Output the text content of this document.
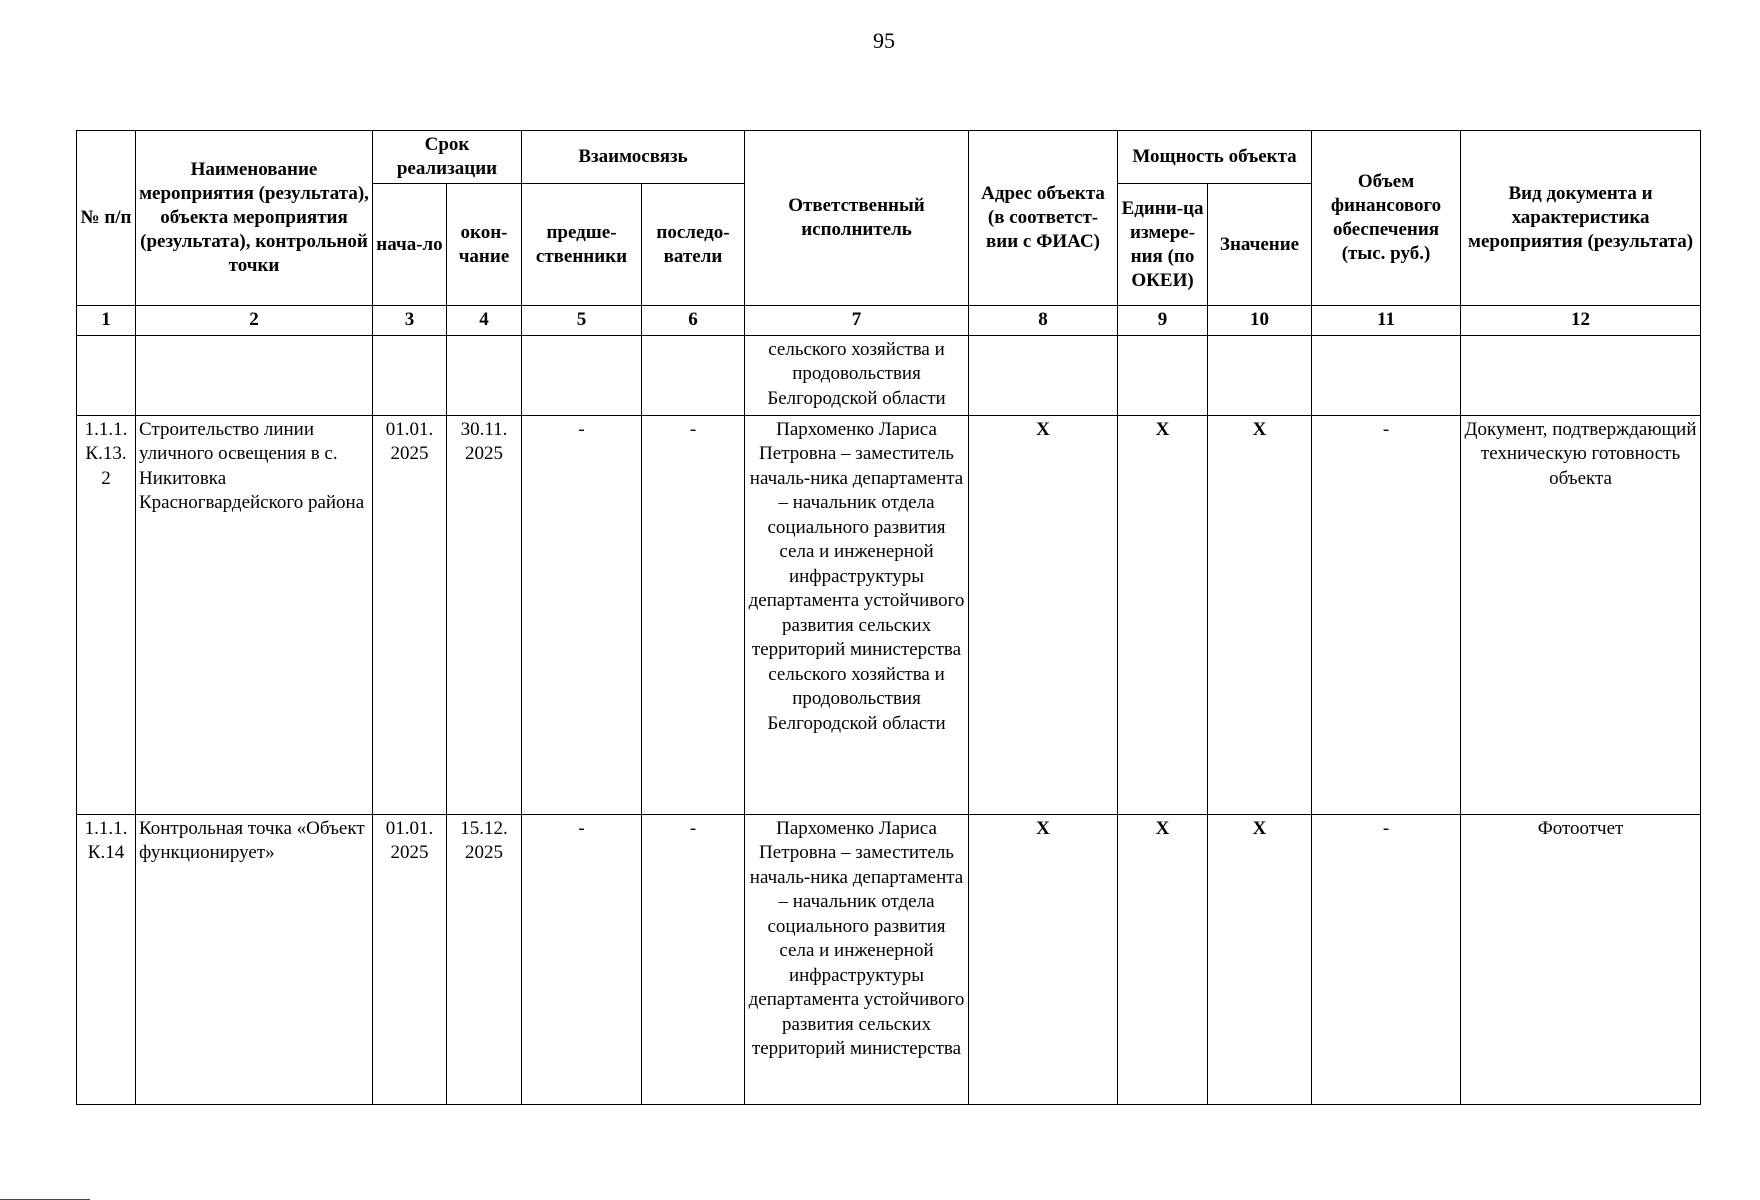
95
№ п/п	Наименование мероприятия (результата), объекта мероприятия (результата), контрольной точки	Срок реализации		Взаимосвязь		Ответственный исполнитель	Адрес объекта (в соответст-вии с ФИАС)	Мощность объекта		Объем финансового обеспечения (тыс. руб.)	Вид документа и характеристика мероприятия (результата)
		нача-ло	окон-чание	предше-ственники	последо-ватели			Едини-ца измере-ния (по ОКЕИ)	Значение		
1	2	3	4	5	6	7	8	9	10	11	12
						сельского хозяйства и продовольствия Белгородской области					
1.1.1. К.13. 2	Строительство линии уличного освещения в с. Никитовка Красногвардейского района	01.01. 2025	30.11. 2025	-	-	Пархоменко Лариса Петровна – заместитель началь-ника департамента – начальник отдела социального развития села и инженерной инфраструктуры департамента устойчивого развития сельских территорий министерства сельского хозяйства и продовольствия Белгородской области	Х	Х	Х	-	Документ, подтверждающий техническую готовность объекта
1.1.1. К.14	Контрольная точка «Объект функционирует»	01.01. 2025	15.12. 2025	-	-	Пархоменко Лариса Петровна – заместитель началь-ника департамента – начальник отдела социального развития села и инженерной инфраструктуры департамента устойчивого развития сельских территорий министерства	Х	Х	Х	-	Фотоотчет
